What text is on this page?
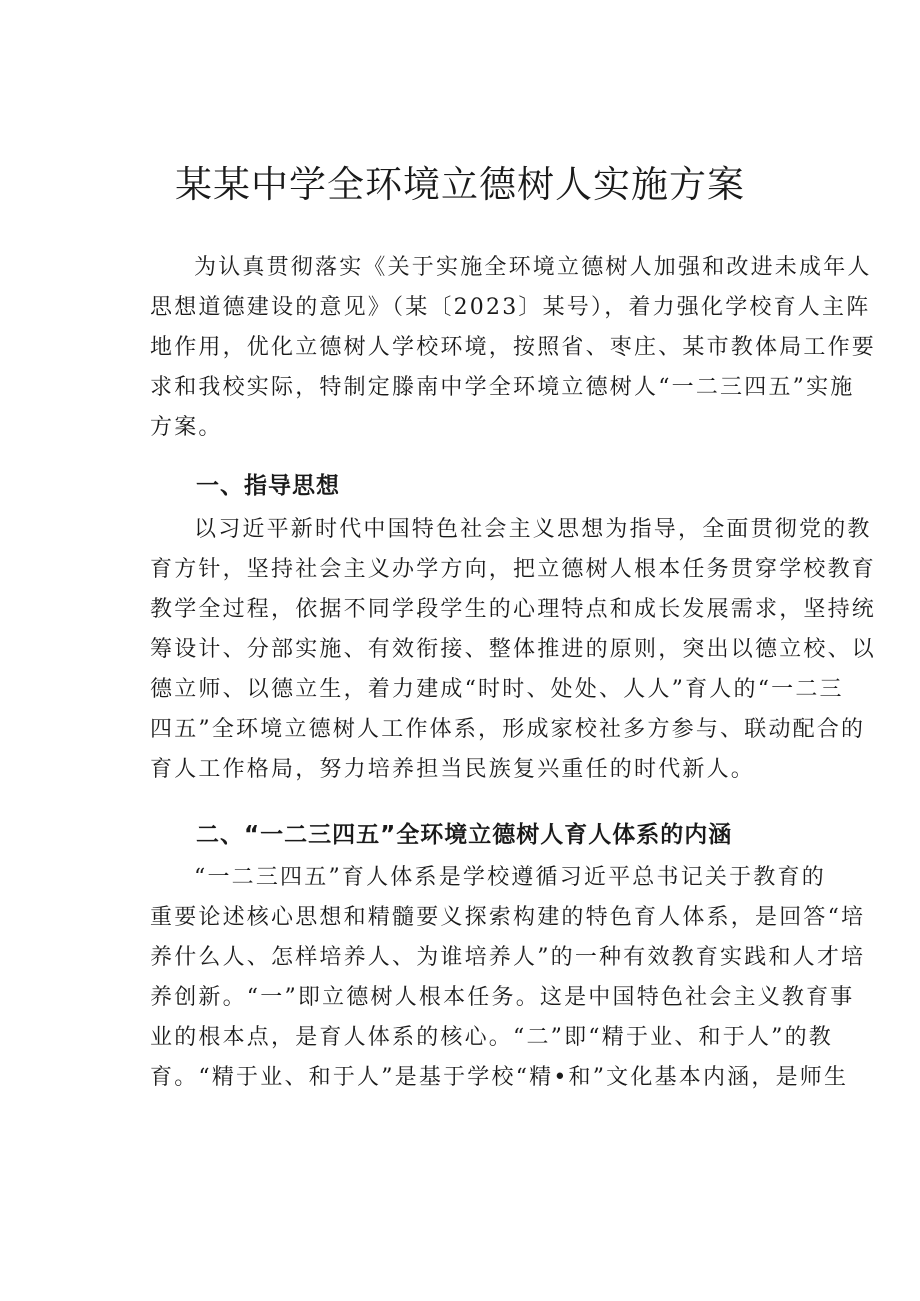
某某中学全环境立德树人实施方案
为认真贯彻落实《关于实施全环境立德树人加强和改进未成年人
思想道德建设的意见》（某〔2023〕某号），着力强化学校育人主阵
地作用，优化立德树人学校环境，按照省、枣庄、某市教体局工作要
求和我校实际，特制定滕南中学全环境立德树人“一二三四五”实施
方案。
一、指导思想
以习近平新时代中国特色社会主义思想为指导，全面贯彻党的教
育方针，坚持社会主义办学方向，把立德树人根本任务贯穿学校教育
教学全过程，依据不同学段学生的心理特点和成长发展需求，坚持统
筹设计、分部实施、有效衔接、整体推进的原则，突出以德立校、以
德立师、以德立生，着力建成“时时、处处、人人”育人的“一二三
四五”全环境立德树人工作体系，形成家校社多方参与、联动配合的
育人工作格局，努力培养担当民族复兴重任的时代新人。
二、“一二三四五”全环境立德树人育人体系的内涵
“一二三四五”育人体系是学校遵循习近平总书记关于教育的
重要论述核心思想和精髓要义探索构建的特色育人体系，是回答“培
养什么人、怎样培养人、为谁培养人”的一种有效教育实践和人才培
养创新。“一”即立德树人根本任务。这是中国特色社会主义教育事
业的根本点，是育人体系的核心。“二”即“精于业、和于人”的教
育。“精于业、和于人”是基于学校“精•和”文化基本内涵，是师生
